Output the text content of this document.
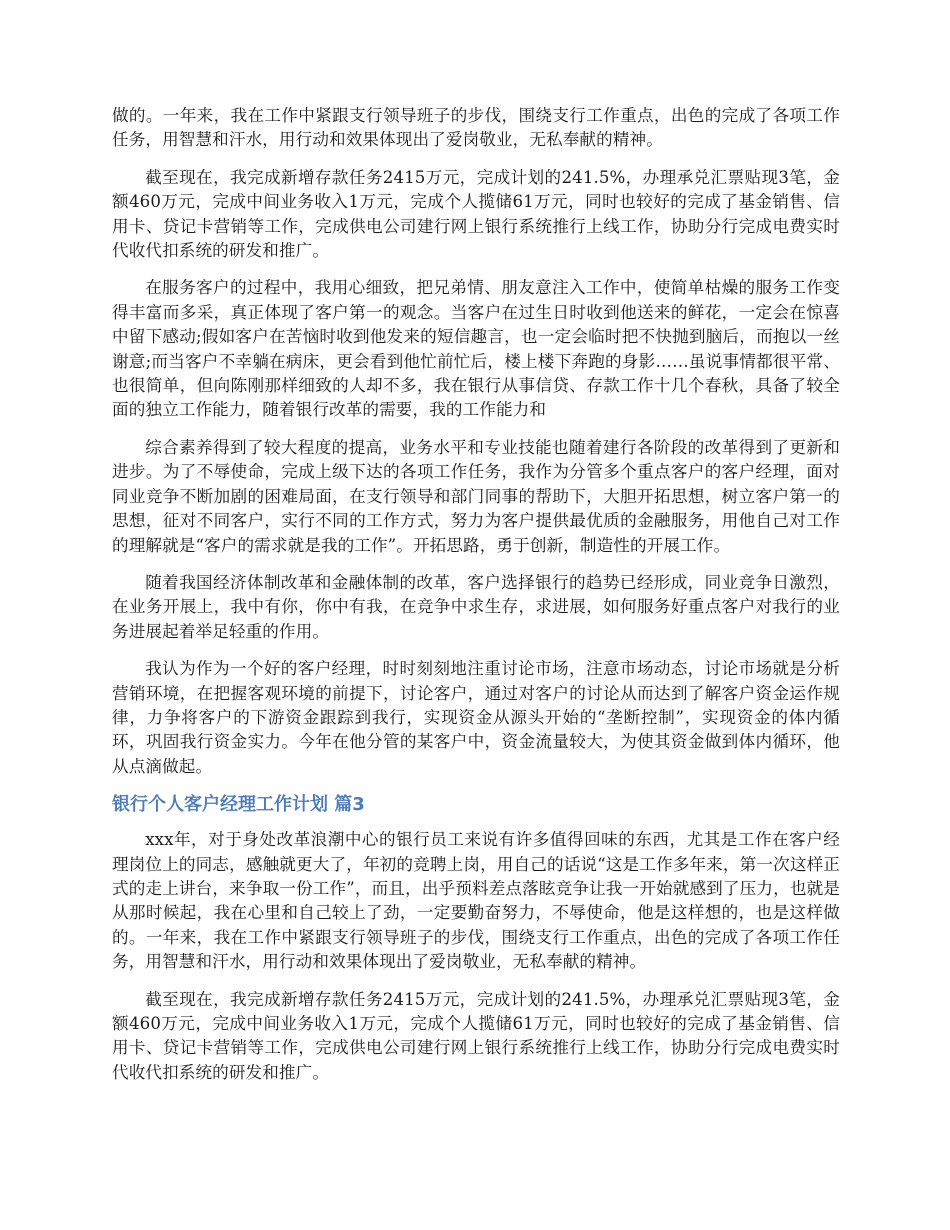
做的。一年来，我在工作中紧跟支行领导班子的步伐，围绕支行工作重点，出色的完成了各项工作任务，用智慧和汗水，用行动和效果体现出了爱岗敬业，无私奉献的精神。

截至现在，我完成新增存款任务2415万元，完成计划的241.5%，办理承兑汇票贴现3笔，金额460万元，完成中间业务收入1万元，完成个人揽储61万元，同时也较好的完成了基金销售、信用卡、贷记卡营销等工作，完成供电公司建行网上银行系统推行上线工作，协助分行完成电费实时代收代扣系统的研发和推广。

在服务客户的过程中，我用心细致，把兄弟情、朋友意注入工作中，使简单枯燥的服务工作变得丰富而多采，真正体现了客户第一的观念。当客户在过生日时收到他送来的鲜花，一定会在惊喜中留下感动;假如客户在苦恼时收到他发来的短信趣言，也一定会临时把不快抛到脑后，而抱以一丝谢意;而当客户不幸躺在病床，更会看到他忙前忙后，楼上楼下奔跑的身影……虽说事情都很平常、也很简单，但向陈刚那样细致的人却不多，我在银行从事信贷、存款工作十几个春秋，具备了较全面的独立工作能力，随着银行改革的需要，我的工作能力和

综合素养得到了较大程度的提高，业务水平和专业技能也随着建行各阶段的改革得到了更新和进步。为了不辱使命，完成上级下达的各项工作任务，我作为分管多个重点客户的客户经理，面对同业竞争不断加剧的困难局面，在支行领导和部门同事的帮助下，大胆开拓思想，树立客户第一的思想，征对不同客户，实行不同的工作方式，努力为客户提供最优质的金融服务，用他自己对工作的理解就是“客户的需求就是我的工作”。开拓思路，勇于创新，制造性的开展工作。

随着我国经济体制改革和金融体制的改革，客户选择银行的趋势已经形成，同业竞争日激烈，在业务开展上，我中有你，你中有我，在竞争中求生存，求进展，如何服务好重点客户对我行的业务进展起着举足轻重的作用。

我认为作为一个好的客户经理，时时刻刻地注重讨论市场，注意市场动态，讨论市场就是分析营销环境，在把握客观环境的前提下，讨论客户，通过对客户的讨论从而达到了解客户资金运作规律，力争将客户的下游资金跟踪到我行，实现资金从源头开始的“垄断控制”，实现资金的体内循环，巩固我行资金实力。今年在他分管的某客户中，资金流量较大，为使其资金做到体内循环，他从点滴做起。

银行个人客户经理工作计划 篇3

xxx年，对于身处改革浪潮中心的银行员工来说有许多值得回味的东西，尤其是工作在客户经理岗位上的同志，感触就更大了，年初的竞聘上岗，用自己的话说“这是工作多年来，第一次这样正式的走上讲台，来争取一份工作”，而且，出乎预料差点落眩竞争让我一开始就感到了压力，也就是从那时候起，我在心里和自己较上了劲，一定要勤奋努力，不辱使命，他是这样想的，也是这样做的。一年来，我在工作中紧跟支行领导班子的步伐，围绕支行工作重点，出色的完成了各项工作任务，用智慧和汗水，用行动和效果体现出了爱岗敬业，无私奉献的精神。

截至现在，我完成新增存款任务2415万元，完成计划的241.5%，办理承兑汇票贴现3笔，金额460万元，完成中间业务收入1万元，完成个人揽储61万元，同时也较好的完成了基金销售、信用卡、贷记卡营销等工作，完成供电公司建行网上银行系统推行上线工作，协助分行完成电费实时代收代扣系统的研发和推广。
